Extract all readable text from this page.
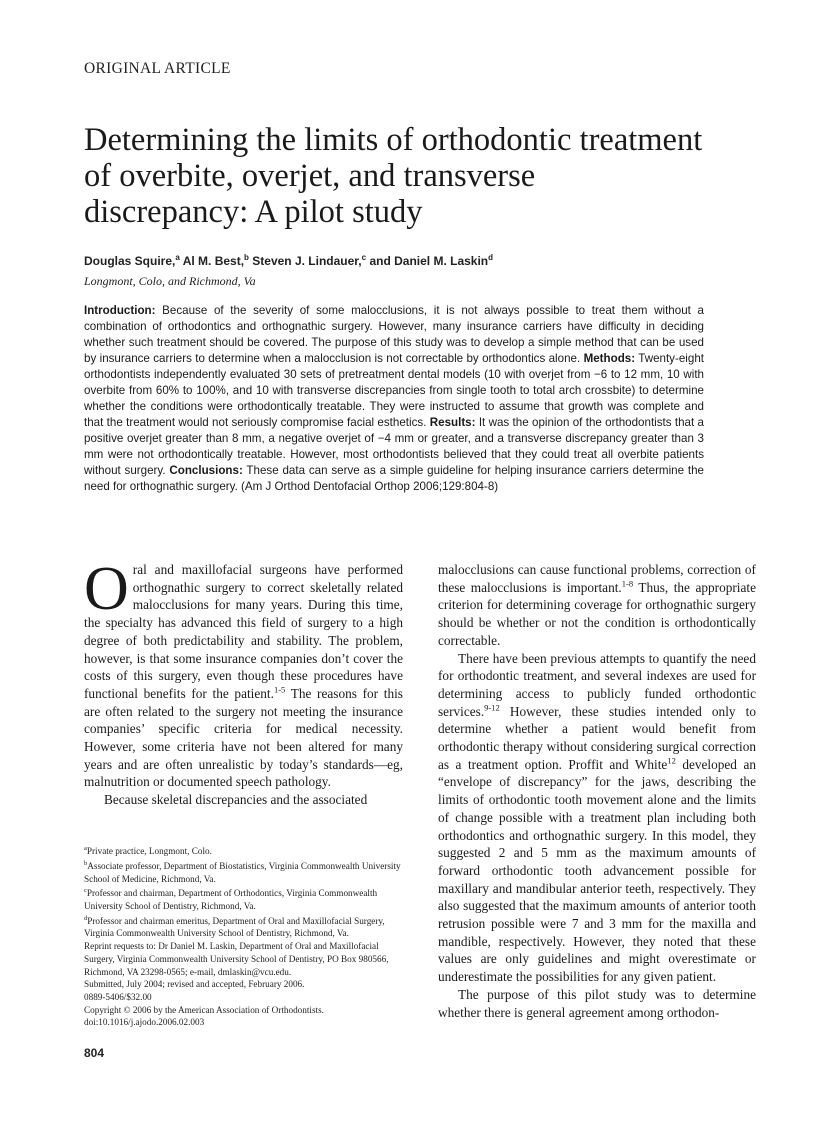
ORIGINAL ARTICLE
Determining the limits of orthodontic treatment
of overbite, overjet, and transverse
discrepancy: A pilot study
Douglas Squire,$^a$ Al M. Best,$^b$ Steven J. Lindauer,$^c$ and Daniel M. Laskin$^d$
Longmont, Colo, and Richmond, Va

Introduction: Because of the severity of some malocclusions, it is not always possible to treat them without a combination of orthodontics and orthognathic surgery. However, many insurance carriers have difficulty in deciding whether such treatment should be covered. The purpose of this study was to develop a simple method that can be used by insurance carriers to determine when a malocclusion is not correctable by orthodontics alone. Methods: Twenty-eight orthodontists independently evaluated 30 sets of pretreatment dental models (10 with overjet from −6 to 12 mm, 10 with overbite from 60% to 100%, and 10 with transverse discrepancies from single tooth to total arch crossbite) to determine whether the conditions were orthodontically treatable. They were instructed to assume that growth was complete and that the treatment would not seriously compromise facial esthetics. Results: It was the opinion of the orthodontists that a positive overjet greater than 8 mm, a negative overjet of −4 mm or greater, and a transverse discrepancy greater than 3 mm were not orthodontically treatable. However, most orthodontists believed that they could treat all overbite patients without surgery. Conclusions: These data can serve as a simple guideline for helping insurance carriers determine the need for orthognathic surgery. (Am J Orthod Dentofacial Orthop 2006;129:804-8)

Oral and maxillofacial surgeons have performed orthognathic surgery to correct skeletally related malocclusions for many years. During this time, the specialty has advanced this field of surgery to a high degree of both predictability and stability. The problem, however, is that some insurance companies don’t cover the costs of this surgery, even though these procedures have functional benefits for the patient.$^{1-5}$ The reasons for this are often related to the surgery not meeting the insurance companies’ specific criteria for medical necessity. However, some criteria have not been altered for many years and are often unrealistic by today’s standards—eg, malnutrition or documented speech pathology.

Because skeletal discrepancies and the associated

$^a$Private practice, Longmont, Colo.

$^b$Associate professor, Department of Biostatistics, Virginia Commonwealth University School of Medicine, Richmond, Va.

$^c$Professor and chairman, Department of Orthodontics, Virginia Commonwealth University School of Dentistry, Richmond, Va.

$^d$Professor and chairman emeritus, Department of Oral and Maxillofacial Surgery, Virginia Commonwealth University School of Dentistry, Richmond, Va.

Reprint requests to: Dr Daniel M. Laskin, Department of Oral and Maxillofacial Surgery, Virginia Commonwealth University School of Dentistry, PO Box 980566, Richmond, VA 23298-0565; e-mail, dmlaskin@vcu.edu.

Submitted, July 2004; revised and accepted, February 2006.

0889-5406/$32.00

Copyright © 2006 by the American Association of Orthodontists.

doi:10.1016/j.ajodo.2006.02.003

malocclusions can cause functional problems, correction of these malocclusions is important.$^{1-8}$ Thus, the appropriate criterion for determining coverage for orthognathic surgery should be whether or not the condition is orthodontically correctable.

There have been previous attempts to quantify the need for orthodontic treatment, and several indexes are used for determining access to publicly funded orthodontic services.$^{9-12}$ However, these studies intended only to determine whether a patient would benefit from orthodontic therapy without considering surgical correction as a treatment option. Proffit and White$^{12}$ developed an “envelope of discrepancy” for the jaws, describing the limits of orthodontic tooth movement alone and the limits of change possible with a treatment plan including both orthodontics and orthognathic surgery. In this model, they suggested 2 and 5 mm as the maximum amounts of forward orthodontic tooth advancement possible for maxillary and mandibular anterior teeth, respectively. They also suggested that the maximum amounts of anterior tooth retrusion possible were 7 and 3 mm for the maxilla and mandible, respectively. However, they noted that these values are only guidelines and might overestimate or underestimate the possibilities for any given patient.

The purpose of this pilot study was to determine whether there is general agreement among orthodon-

804
